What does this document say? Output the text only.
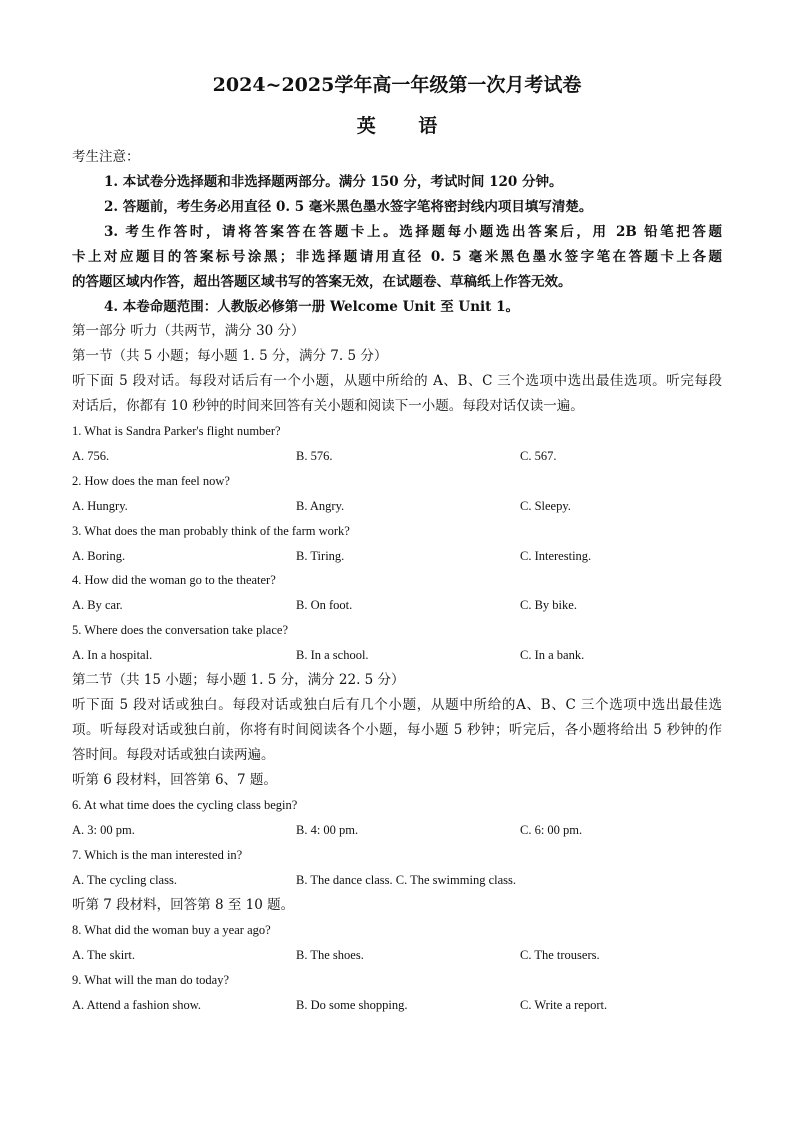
2024~2025学年高一年级第一次月考试卷
英 语
考生注意：
1. 本试卷分选择题和非选择题两部分。满分 150 分，考试时间 120 分钟。
2. 答题前，考生务必用直径 0. 5 毫米黑色墨水签字笔将密封线内项目填写清楚。
3. 考生作答时，请将答案答在答题卡上。选择题每小题选出答案后，用 2B 铅笔把答题
卡上对应题目的答案标号涂黑；非选择题请用直径 0. 5 毫米黑色墨水签字笔在答题卡上各题
的答题区域内作答，超出答题区域书写的答案无效，在试题卷、草稿纸上作答无效。
4. 本卷命题范围：人教版必修第一册 Welcome Unit 至 Unit 1。
第一部分 听力（共两节，满分 30 分）
第一节（共 5 小题；每小题 1. 5 分，满分 7. 5 分）
听下面 5 段对话。每段对话后有一个小题，从题中所给的 A、B、C 三个选项中选出最佳选项。听完每段
对话后，你都有 10 秒钟的时间来回答有关小题和阅读下一小题。每段对话仅读一遍。
1. What is Sandra Parker's flight number?
A. 756.	B. 576.	C. 567.
2. How does the man feel now?
A. Hungry.	B. Angry.	C. Sleepy.
3. What does the man probably think of the farm work?
A. Boring.	B. Tiring.	C. Interesting.
4. How did the woman go to the theater?
A. By car.	B. On foot.	C. By bike.
5. Where does the conversation take place?
A. In a hospital.	B. In a school.	C. In a bank.
第二节（共 15 小题；每小题 1. 5 分，满分 22. 5 分）
听下面 5 段对话或独白。每段对话或独白后有几个小题，从题中所给的A、B、C 三个选项中选出最佳选
项。听每段对话或独白前，你将有时间阅读各个小题，每小题 5 秒钟；听完后，各小题将给出 5 秒钟的作
答时间。每段对话或独白读两遍。
听第 6 段材料，回答第 6、7 题。
6. At what time does the cycling class begin?
A. 3: 00 pm.	B. 4: 00 pm.	C. 6: 00 pm.
7. Which is the man interested in?
A. The cycling class.	B. The dance class. C. The swimming class.
听第 7 段材料，回答第 8 至 10 题。
8. What did the woman buy a year ago?
A. The skirt.	B. The shoes.	C. The trousers.
9. What will the man do today?
A. Attend a fashion show.	B. Do some shopping.	C. Write a report.
